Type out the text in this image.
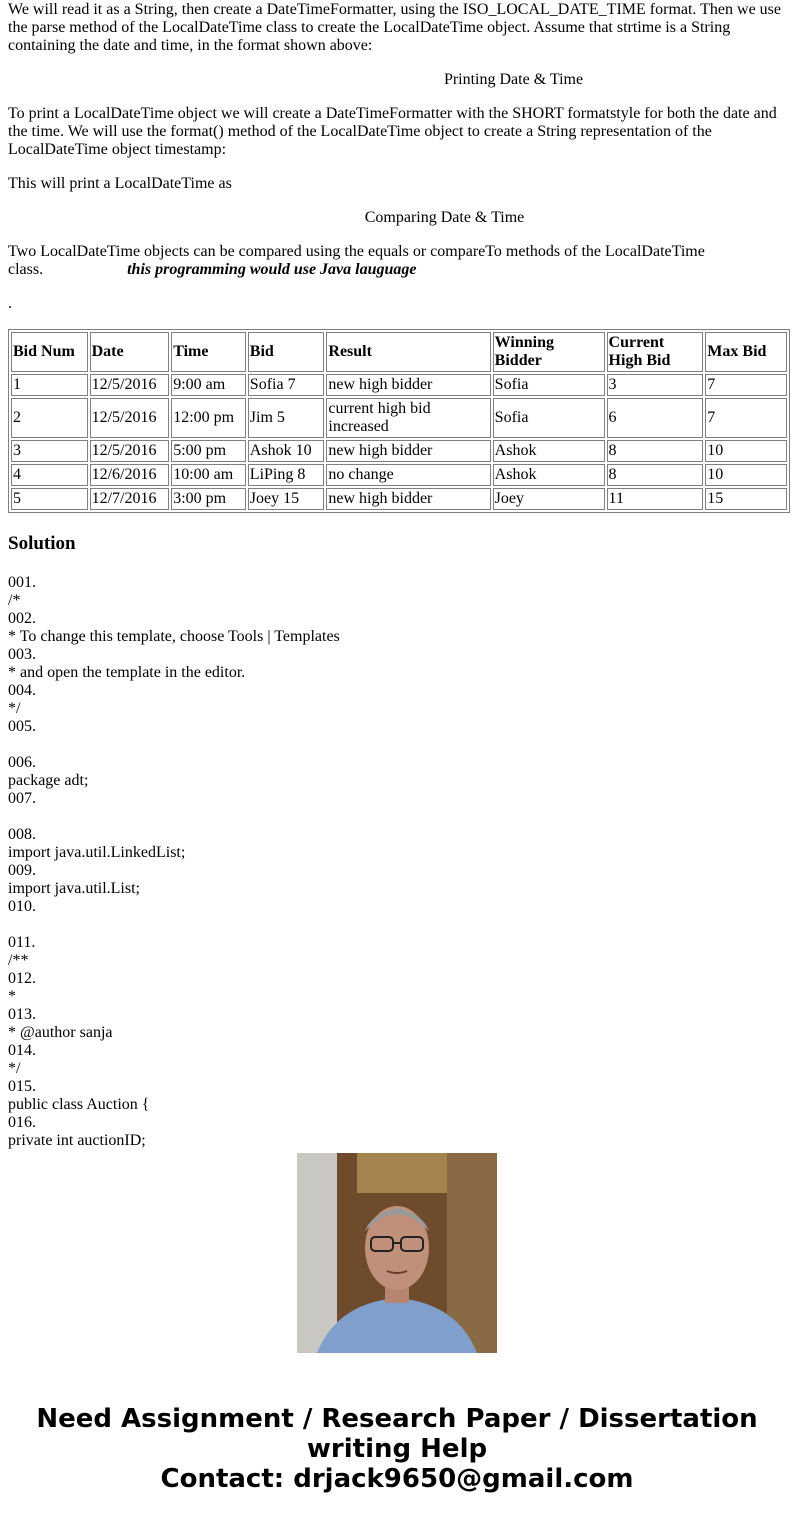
We will read it as a String, then create a DateTimeFormatter, using the ISO_LOCAL_DATE_TIME format. Then we use the parse method of the LocalDateTime class to create the LocalDateTime object. Assume that strtime is a String containing the date and time, in the format shown above:

Printing Date & Time

To print a LocalDateTime object we will create a DateTimeFormatter with the SHORT formatstyle for both the date and the time. We will use the format() method of the LocalDateTime object to create a String representation of the LocalDateTime object timestamp:

This will print a LocalDateTime as

Comparing Date & Time

Two LocalDateTime objects can be compared using the equals or compareTo methods of the LocalDateTime class.	this programming would use Java lauguage

.

Bid Num	Date	Time	Bid	Result	Winning Bidder	Current High Bid	Max Bid
1	12/5/2016	9:00 am	Sofia 7	new high bidder	Sofia	3	7
2	12/5/2016	12:00 pm	Jim 5	current high bid increased	Sofia	6	7
3	12/5/2016	5:00 pm	Ashok 10	new high bidder	Ashok	8	10
4	12/6/2016	10:00 am	LiPing 8	no change	Ashok	8	10
5	12/7/2016	3:00 pm	Joey 15	new high bidder	Joey	11	15
Solution
001.
/*
002.
* To change this template, choose Tools | Templates
003.
* and open the template in the editor.
004.
*/
005.
006.
package adt;
007.
008.
import java.util.LinkedList;
009.
import java.util.List;
010.
011.
/**
012.
*
013.
* @author sanja
014.
*/
015.
public class Auction {
016.
private int auctionID;
Need Assignment / Research Paper / Dissertation writing Help
Contact: drjack9650@gmail.com
